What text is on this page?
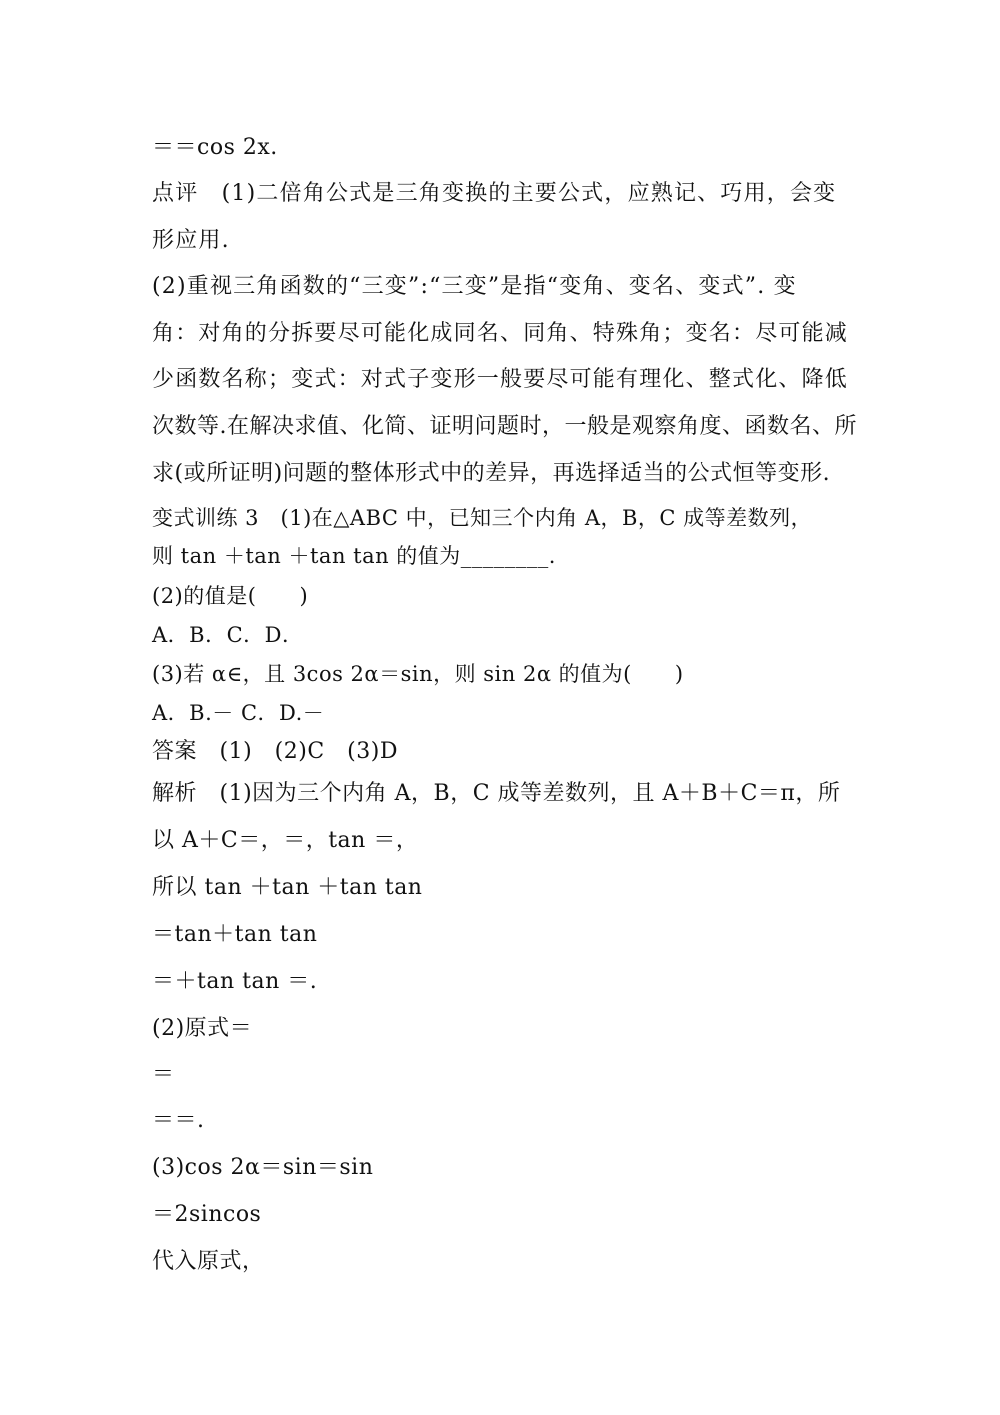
＝＝cos 2x.
点评　(1)二倍角公式是三角变换的主要公式，应熟记、巧用，会变
形应用.
(2)重视三角函数的“三变”:“三变”是指“变角、变名、变式”. 变
角：对角的分拆要尽可能化成同名、同角、特殊角；变名：尽可能减
少函数名称；变式：对式子变形一般要尽可能有理化、整式化、降低
次数等.在解决求值、化简、证明问题时，一般是观察角度、函数名、所
求(或所证明)问题的整体形式中的差异，再选择适当的公式恒等变形.
变式训练 3　(1)在△ABC 中，已知三个内角 A，B，C 成等差数列，
则 tan ＋tan ＋tan tan 的值为________.
(2)的值是(　　)
A．B．C．D．
(3)若 α∈，且 3cos 2α＝sin，则 sin 2α 的值为(　　)
A．B.－ C．D.－
答案　(1)　(2)C　(3)D
解析　(1)因为三个内角 A，B，C 成等差数列，且 A＋B＋C＝π，所
以 A＋C＝，＝，tan ＝，
所以 tan ＋tan ＋tan tan
＝tan＋tan tan
＝＋tan tan ＝.
(2)原式＝
＝
＝＝.
(3)cos 2α＝sin＝sin
＝2sincos
代入原式，
